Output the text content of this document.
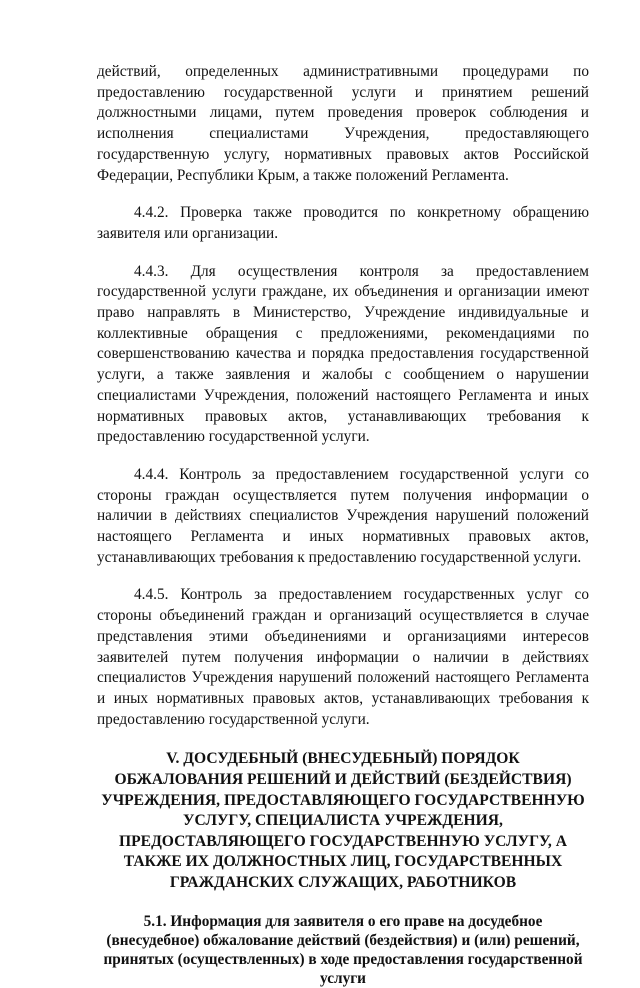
действий, определенных административными процедурами по предоставлению государственной услуги и принятием решений должностными лицами, путем проведения проверок соблюдения и исполнения специалистами Учреждения, предоставляющего государственную услугу, нормативных правовых актов Российской Федерации, Республики Крым, а также положений Регламента.

4.4.2. Проверка также проводится по конкретному обращению заявителя или организации.

4.4.3. Для осуществления контроля за предоставлением государственной услуги граждане, их объединения и организации имеют право направлять в Министерство, Учреждение индивидуальные и коллективные обращения с предложениями, рекомендациями по совершенствованию качества и порядка предоставления государственной услуги, а также заявления и жалобы с сообщением о нарушении специалистами Учреждения, положений настоящего Регламента и иных нормативных правовых актов, устанавливающих требования к предоставлению государственной услуги.

4.4.4. Контроль за предоставлением государственной услуги со стороны граждан осуществляется путем получения информации о наличии в действиях специалистов Учреждения нарушений положений настоящего Регламента и иных нормативных правовых актов, устанавливающих требования к предоставлению государственной услуги.

4.4.5. Контроль за предоставлением государственных услуг со стороны объединений граждан и организаций осуществляется в случае представления этими объединениями и организациями интересов заявителей путем получения информации о наличии в действиях специалистов Учреждения нарушений положений настоящего Регламента и иных нормативных правовых актов, устанавливающих требования к предоставлению государственной услуги.

V. ДОСУДЕБНЫЙ (ВНЕСУДЕБНЫЙ) ПОРЯДОК ОБЖАЛОВАНИЯ РЕШЕНИЙ И ДЕЙСТВИЙ (БЕЗДЕЙСТВИЯ) УЧРЕЖДЕНИЯ, ПРЕДОСТАВЛЯЮЩЕГО ГОСУДАРСТВЕННУЮ УСЛУГУ, СПЕЦИАЛИСТА УЧРЕЖДЕНИЯ, ПРЕДОСТАВЛЯЮЩЕГО ГОСУДАРСТВЕННУЮ УСЛУГУ, А ТАКЖЕ ИХ ДОЛЖНОСТНЫХ ЛИЦ, ГОСУДАРСТВЕННЫХ ГРАЖДАНСКИХ СЛУЖАЩИХ, РАБОТНИКОВ

5.1. Информация для заявителя о его праве на досудебное (внесудебное) обжалование действий (бездействия) и (или) решений, принятых (осуществленных) в ходе предоставления государственной услуги
